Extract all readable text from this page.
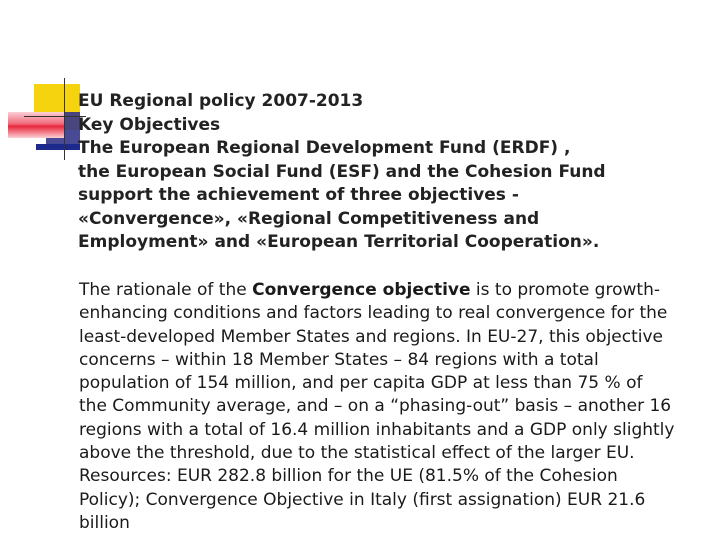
EU Regional policy 2007-2013
Key Objectives
The European Regional Development Fund (ERDF) ,
the European Social Fund (ESF) and the Cohesion Fund
support the achievement of three objectives -
«Convergence», «Regional Competitiveness and
Employment» and «European Territorial Cooperation».
The rationale of the Convergence objective is to promote growth-
enhancing conditions and factors leading to real convergence for the
least-developed Member States and regions. In EU-27, this objective
concerns – within 18 Member States – 84 regions with a total
population of 154 million, and per capita GDP at less than 75 % of
the Community average, and – on a “phasing-out” basis – another 16
regions with a total of 16.4 million inhabitants and a GDP only slightly
above the threshold, due to the statistical effect of the larger EU.
Resources: EUR 282.8 billion for the UE (81.5% of the Cohesion
Policy); Convergence Objective in Italy (first assignation) EUR 21.6
billion
